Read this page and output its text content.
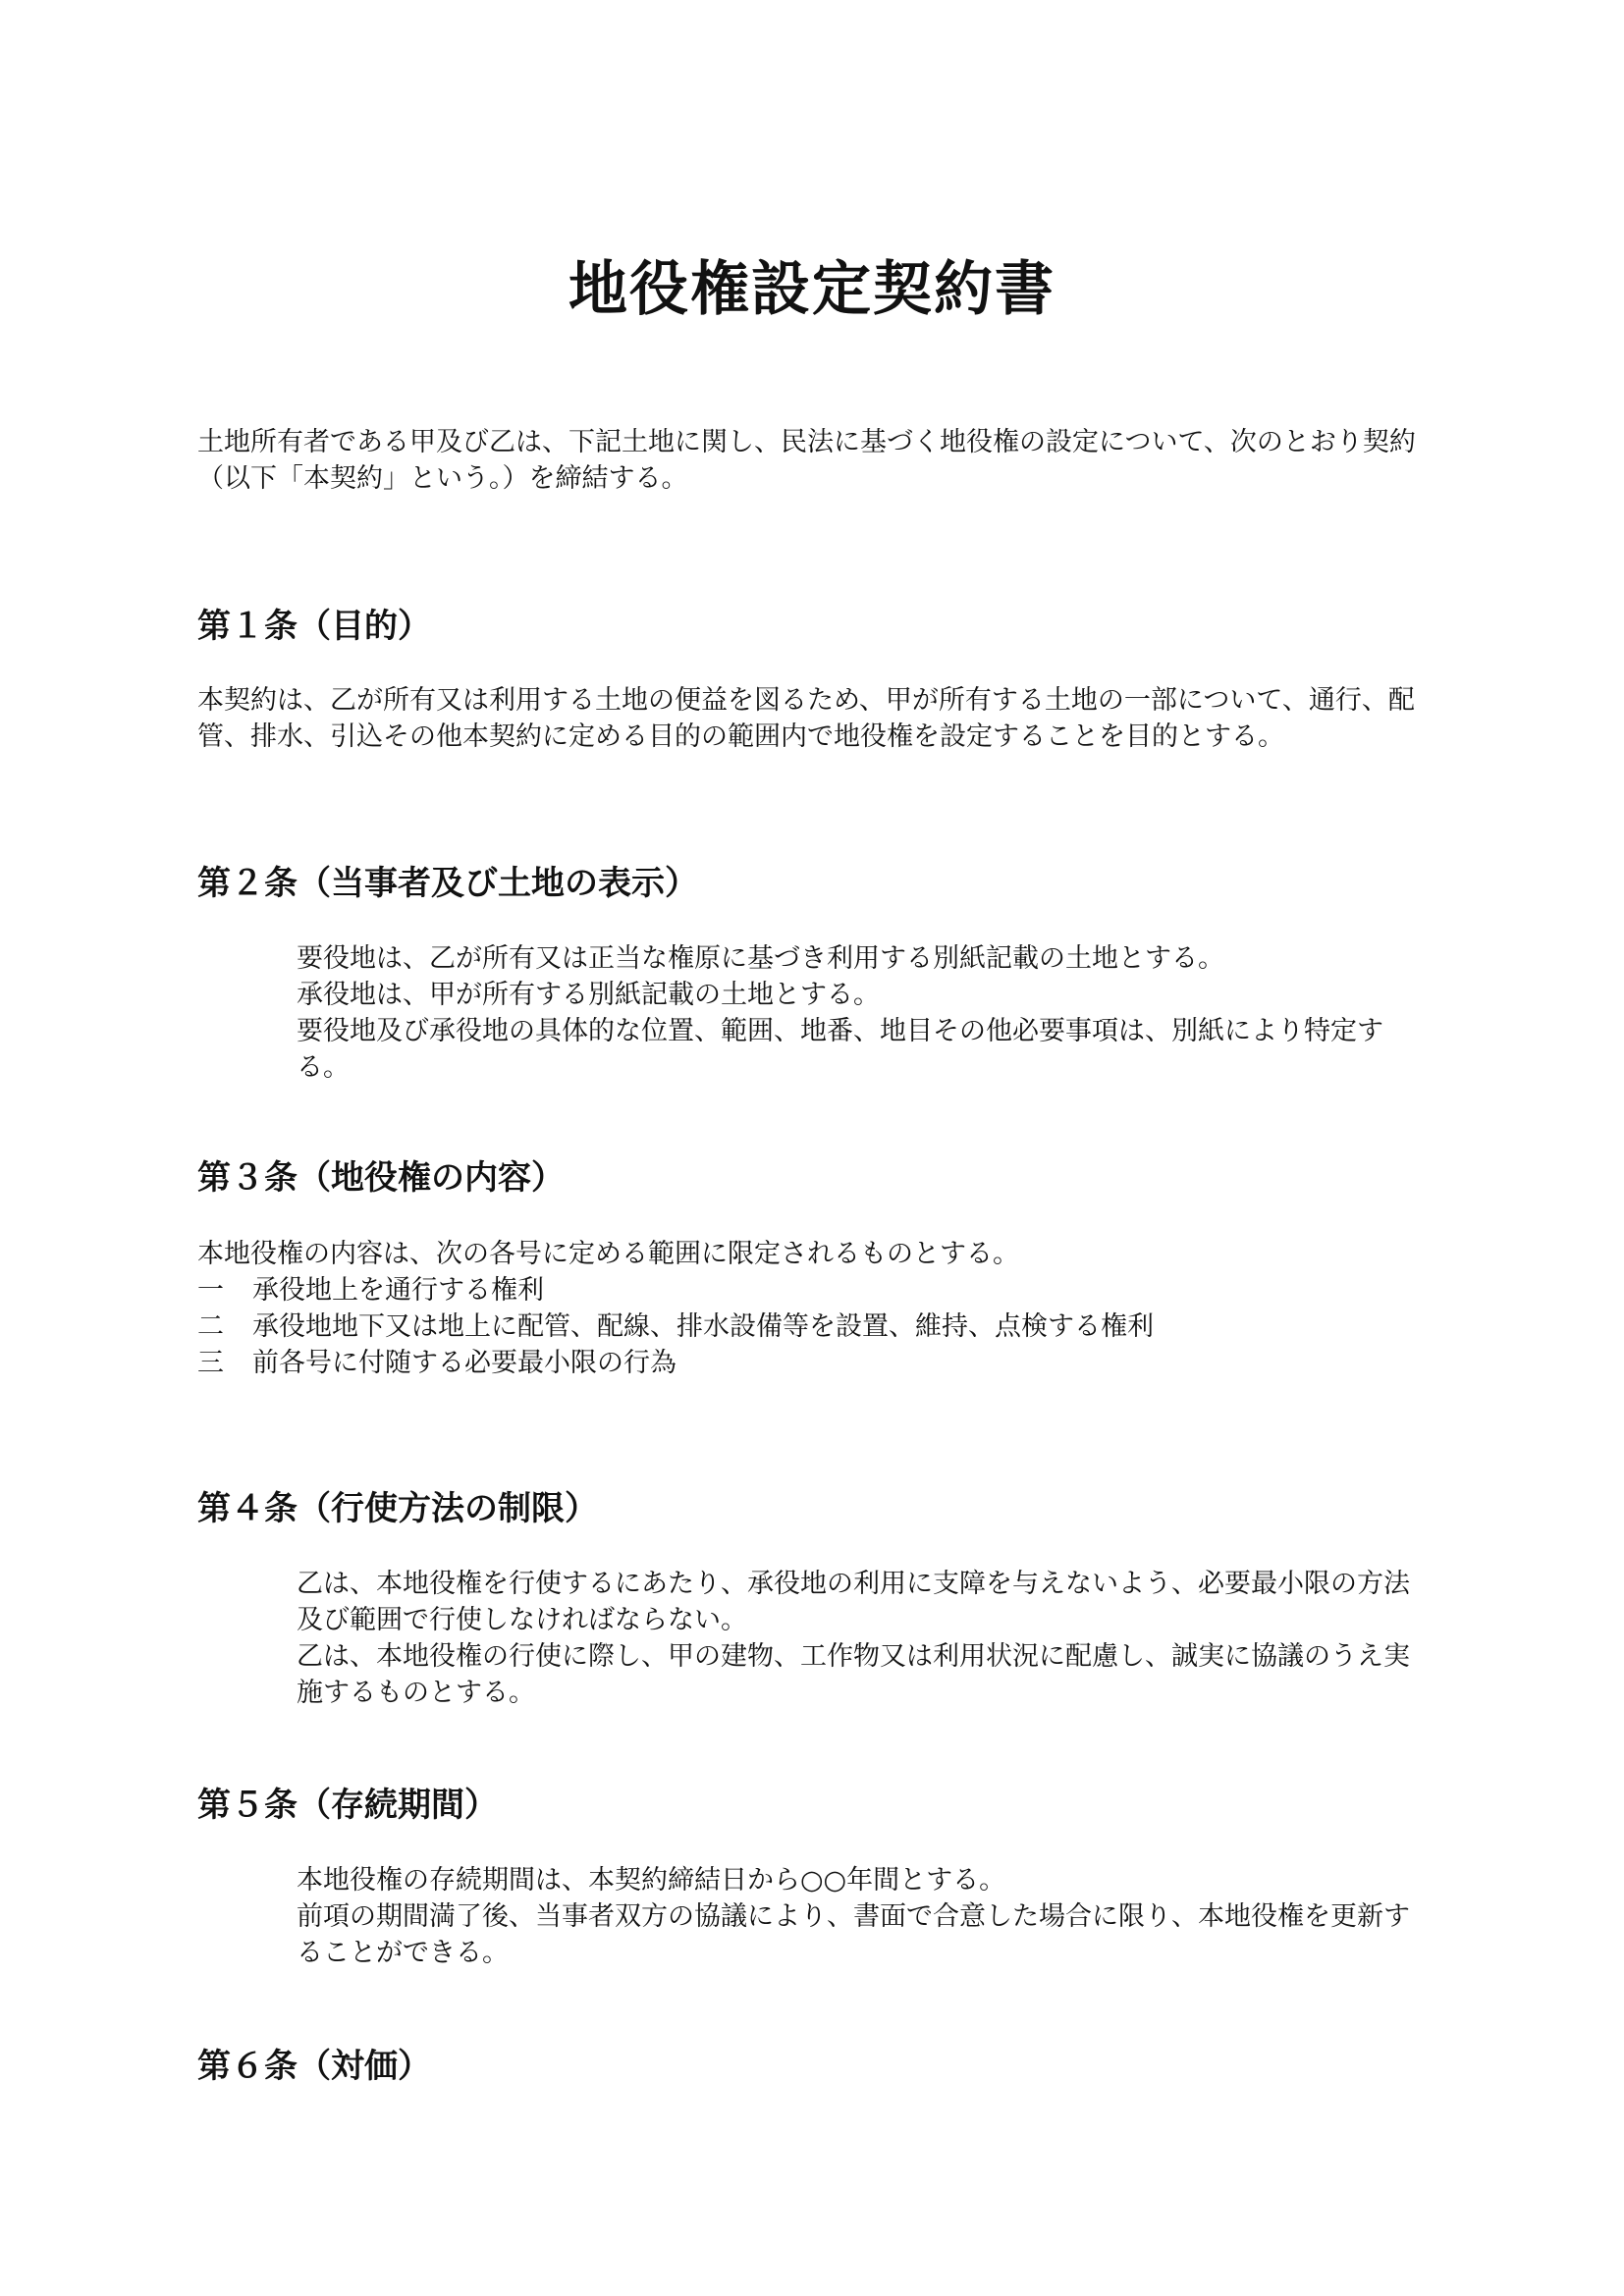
地役権設定契約書
土地所有者である甲及び乙は、下記土地に関し、民法に基づく地役権の設定について、次のとおり契約（以下「本契約」という。）を締結する。
第１条（目的）
本契約は、乙が所有又は利用する土地の便益を図るため、甲が所有する土地の一部について、通行、配管、排水、引込その他本契約に定める目的の範囲内で地役権を設定することを目的とする。
第２条（当事者及び土地の表示）

要役地は、乙が所有又は正当な権原に基づき利用する別紙記載の土地とする。

承役地は、甲が所有する別紙記載の土地とする。

要役地及び承役地の具体的な位置、範囲、地番、地目その他必要事項は、別紙により特定する。

第３条（地役権の内容）

本地役権の内容は、次の各号に定める範囲に限定されるものとする。

一	承役地上を通行する権利
二	承役地地下又は地上に配管、配線、排水設備等を設置、維持、点検する権利
三	前各号に付随する必要最小限の行為
第４条（行使方法の制限）

乙は、本地役権を行使するにあたり、承役地の利用に支障を与えないよう、必要最小限の方法及び範囲で行使しなければならない。

乙は、本地役権の行使に際し、甲の建物、工作物又は利用状況に配慮し、誠実に協議のうえ実施するものとする。

第５条（存続期間）

本地役権の存続期間は、本契約締結日から○○年間とする。

前項の期間満了後、当事者双方の協議により、書面で合意した場合に限り、本地役権を更新することができる。

第６条（対価）
